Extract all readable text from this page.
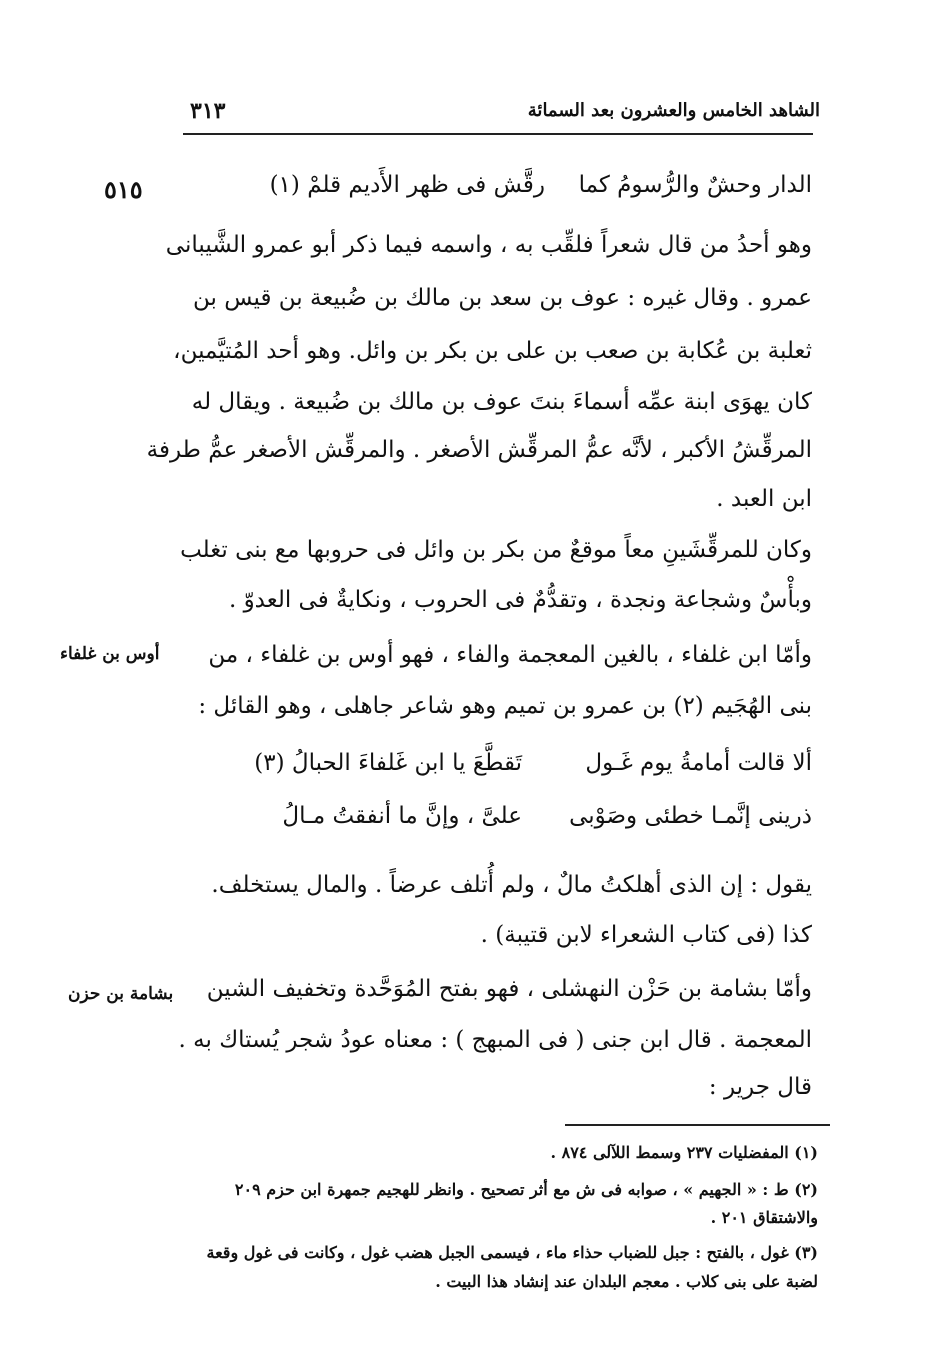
الشاهد الخامس والعشرون بعد السمائة
٣١٣
٥١٥	الدار وحشٌ والرُّسومُ كما
رقَّش فى ظهر الأَديم قلمْ (١)
وهو أحدُ من قال شعراً فلقِّب به ، واسمه فيما ذكر أبو عمرو الشَّيبانى
عمرو . وقال غيره : عوف بن سعد بن مالك بن ضُبيعة بن قيس بن
ثعلبة بن عُكابة بن صعب بن على بن بكر بن وائل. وهو أحد المُتيَّمين،
كان يهوَى ابنة عمِّه أسماءَ بنتَ عوف بن مالك بن ضُبيعة . ويقال له
المرقِّشُ الأكبر ، لأنَّه عمُّ المرقِّش الأصغر . والمرقِّش الأصغر عمُّ طرفة
ابن العبد .
وكان للمرقِّشَينِ معاً موقعٌ من بكر بن وائل فى حروبها مع بنى تغلب
وبأْسٌ وشجاعة ونجدة ، وتقدُّمٌ فى الحروب ، ونكايةٌ فى العدوّ .
أوس بن غلفاء وأمّا ابن غلفاء ، بالغين المعجمة والفاء ، فهو أوس بن غلفاء ، من
بنى الهُجَيم (٢) بن عمرو بن تميم وهو شاعر جاهلى ، وهو القائل :
ألا قالت أمامةُ يوم غَـول
تَقطَّعَ يا ابن غَلفاءَ الحبالُ (٣)
ذرينى إنَّمـا خطئى وصَوْبى
علىَّ ، وإنَّ ما أنفقتُ مـالُ
يقول : إن الذى أهلكتُ مالٌ ، ولم أُتلف عرضاً . والمال يستخلف.
كذا (فى كتاب الشعراء لابن قتيبة) .
بشامة بن حزن وأمّا بشامة بن حَزْن النهشلى ، فهو بفتح المُوَحَّدة وتخفيف الشين
المعجمة . قال ابن جنى ( فى المبهج ) : معناه عودُ شجر يُستاك به .
قال جرير :
(١) المفضليات ٢٣٧ وسمط اللآلى ٨٧٤ .
(٢) ط : « الجهيم » ، صوابه فى ش مع أثر تصحيح . وانظر للهجيم جمهرة ابن حزم ٢٠٩
والاشتقاق ٢٠١ .
(٣) غول ، بالفتح : جبل للضباب حذاء ماء ، فيسمى الجبل هضب غول ، وكانت فى غول وقعة
لضبة على بنى كلاب . معجم البلدان عند إنشاد هذا البيت .
